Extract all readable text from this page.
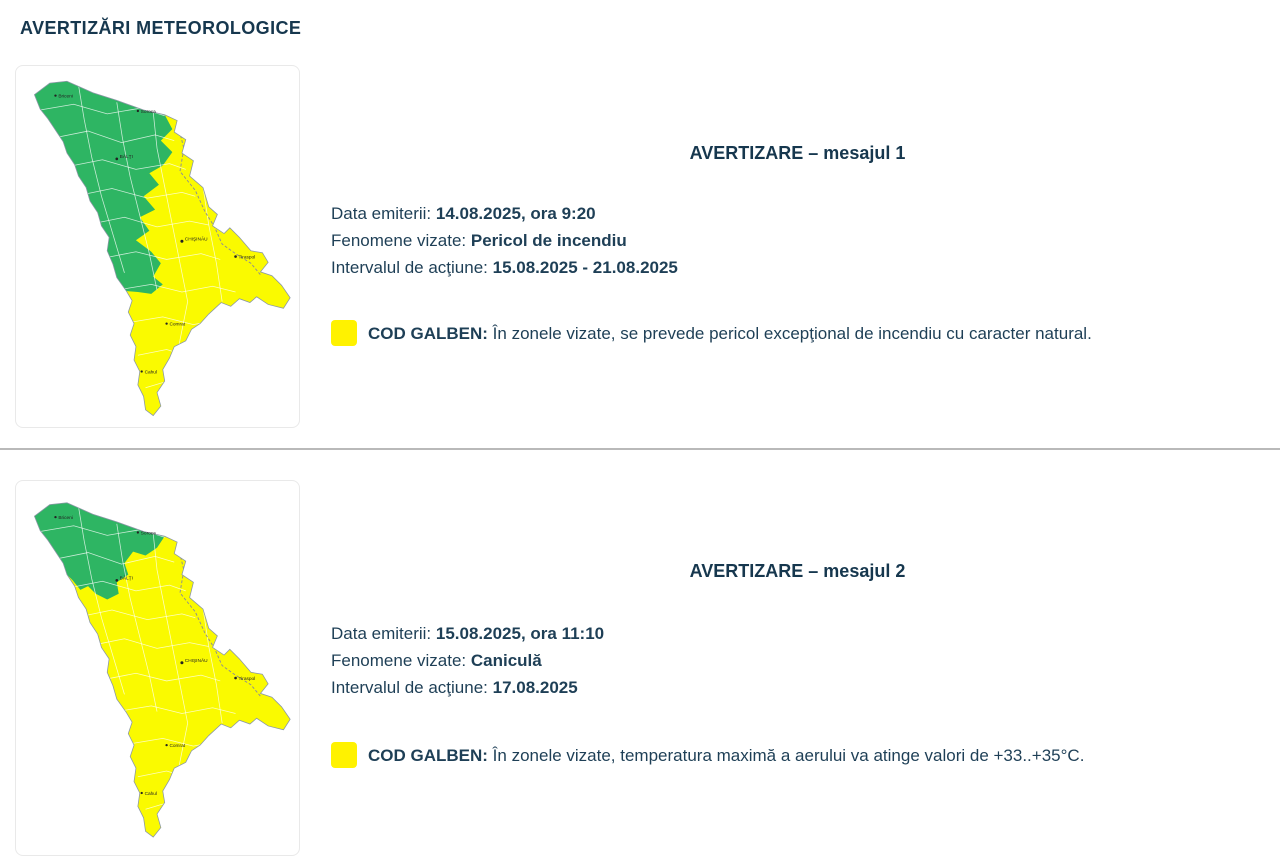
AVERTIZĂRI METEOROLOGICE
Briceni
Soroca
BĂLŢI
CHIŞINĂU
Tiraspol
Comrat
Cahul
AVERTIZARE – mesajul 1
Data emiterii: 14.08.2025, ora 9:20
Fenomene vizate: Pericol de incendiu
Intervalul de acţiune: 15.08.2025 - 21.08.2025
COD GALBEN: În zonele vizate, se prevede pericol excepţional de incendiu cu caracter natural.
Briceni
Soroca
BĂLŢI
CHIŞINĂU
Tiraspol
Comrat
Cahul
AVERTIZARE – mesajul 2
Data emiterii: 15.08.2025, ora 11:10
Fenomene vizate: Caniculă
Intervalul de acţiune: 17.08.2025
COD GALBEN: În zonele vizate, temperatura maximă a aerului va atinge valori de +33..+35°C.
